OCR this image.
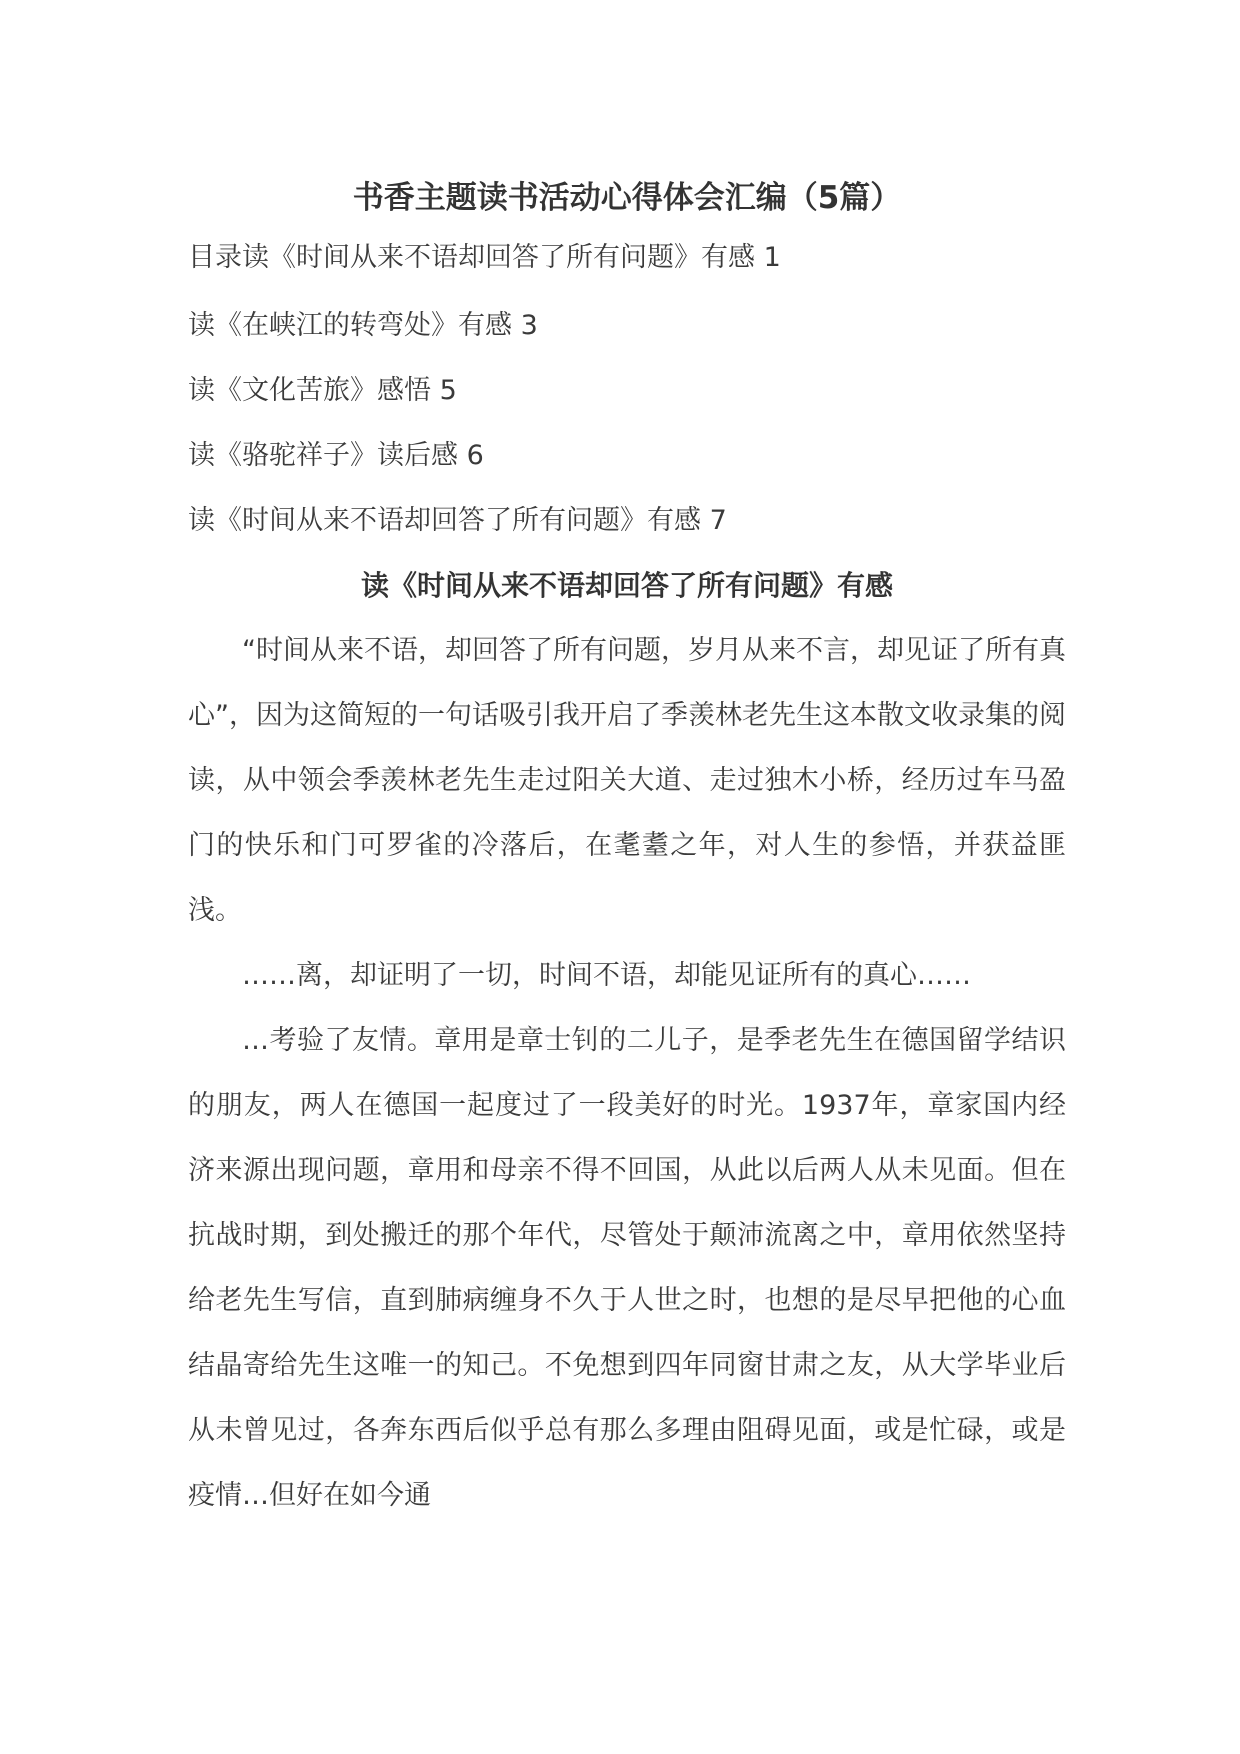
书香主题读书活动心得体会汇编（5篇）
目录读《时间从来不语却回答了所有问题》有感 1
读《在峡江的转弯处》有感 3
读《文化苦旅》感悟 5
读《骆驼祥子》读后感 6
读《时间从来不语却回答了所有问题》有感 7
读《时间从来不语却回答了所有问题》有感

“时间从来不语，却回答了所有问题，岁月从来不言，却见证了所有真心”，因为这简短的一句话吸引我开启了季羡林老先生这本散文收录集的阅读，从中领会季羡林老先生走过阳关大道、走过独木小桥，经历过车马盈门的快乐和门可罗雀的冷落后，在耄耋之年，对人生的参悟，并获益匪浅。

……离，却证明了一切，时间不语，却能见证所有的真心……

…考验了友情。章用是章士钊的二儿子，是季老先生在德国留学结识的朋友，两人在德国一起度过了一段美好的时光。1937年，章家国内经济来源出现问题，章用和母亲不得不回国，从此以后两人从未见面。但在抗战时期，到处搬迁的那个年代，尽管处于颠沛流离之中，章用依然坚持给老先生写信，直到肺病缠身不久于人世之时，也想的是尽早把他的心血结晶寄给先生这唯一的知己。不免想到四年同窗甘肃之友，从大学毕业后从未曾见过，各奔东西后似乎总有那么多理由阻碍见面，或是忙碌，或是疫情…但好在如今通
